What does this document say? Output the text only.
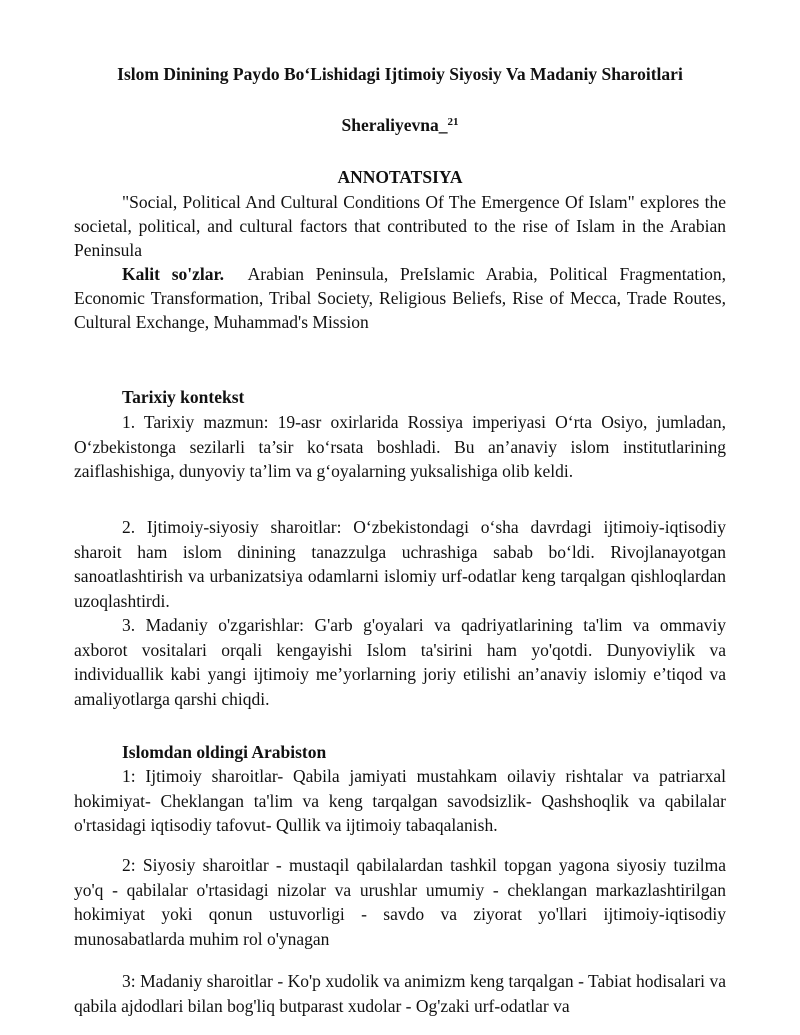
Islom Dinining Paydo Bo‘Lishidagi Ijtimoiy Siyosiy Va Madaniy Sharoitlari
Sheraliyevna_$^{21}$
ANNOTATSIYA

"Social, Political And Cultural Conditions Of The Emergence Of Islam" explores the societal, political, and cultural factors that contributed to the rise of Islam in the Arabian Peninsula

Kalit so'zlar. Arabian Peninsula, PreIslamic Arabia, Political Fragmentation, Economic Transformation, Tribal Society, Religious Beliefs, Rise of Mecca, Trade Routes, Cultural Exchange, Muhammad's Mission

Tarixiy kontekst

1. Tarixiy mazmun: 19-asr oxirlarida Rossiya imperiyasi O‘rta Osiyo, jumladan, O‘zbekistonga sezilarli ta’sir ko‘rsata boshladi. Bu an’anaviy islom institutlarining zaiflashishiga, dunyoviy ta’lim va g‘oyalarning yuksalishiga olib keldi.

2. Ijtimoiy-siyosiy sharoitlar: O‘zbekistondagi o‘sha davrdagi ijtimoiy-iqtisodiy sharoit ham islom dinining tanazzulga uchrashiga sabab bo‘ldi. Rivojlanayotgan sanoatlashtirish va urbanizatsiya odamlarni islomiy urf-odatlar keng tarqalgan qishloqlardan uzoqlashtirdi.

3. Madaniy o'zgarishlar: G'arb g'oyalari va qadriyatlarining ta'lim va ommaviy axborot vositalari orqali kengayishi Islom ta'sirini ham yo'qotdi. Dunyoviylik va individuallik kabi yangi ijtimoiy me’yorlarning joriy etilishi an’anaviy islomiy e’tiqod va amaliyotlarga qarshi chiqdi.

Islomdan oldingi Arabiston

1: Ijtimoiy sharoitlar- Qabila jamiyati mustahkam oilaviy rishtalar va patriarxal hokimiyat- Cheklangan ta'lim va keng tarqalgan savodsizlik- Qashshoqlik va qabilalar o'rtasidagi iqtisodiy tafovut- Qullik va ijtimoiy tabaqalanish.

2: Siyosiy sharoitlar - mustaqil qabilalardan tashkil topgan yagona siyosiy tuzilma yo'q - qabilalar o'rtasidagi nizolar va urushlar umumiy - cheklangan markazlashtirilgan hokimiyat yoki qonun ustuvorligi - savdo va ziyorat yo'llari ijtimoiy-iqtisodiy munosabatlarda muhim rol o'ynagan

3: Madaniy sharoitlar - Ko'p xudolik va animizm keng tarqalgan - Tabiat hodisalari va qabila ajdodlari bilan bog'liq butparast xudolar - Og'zaki urf-odatlar va
